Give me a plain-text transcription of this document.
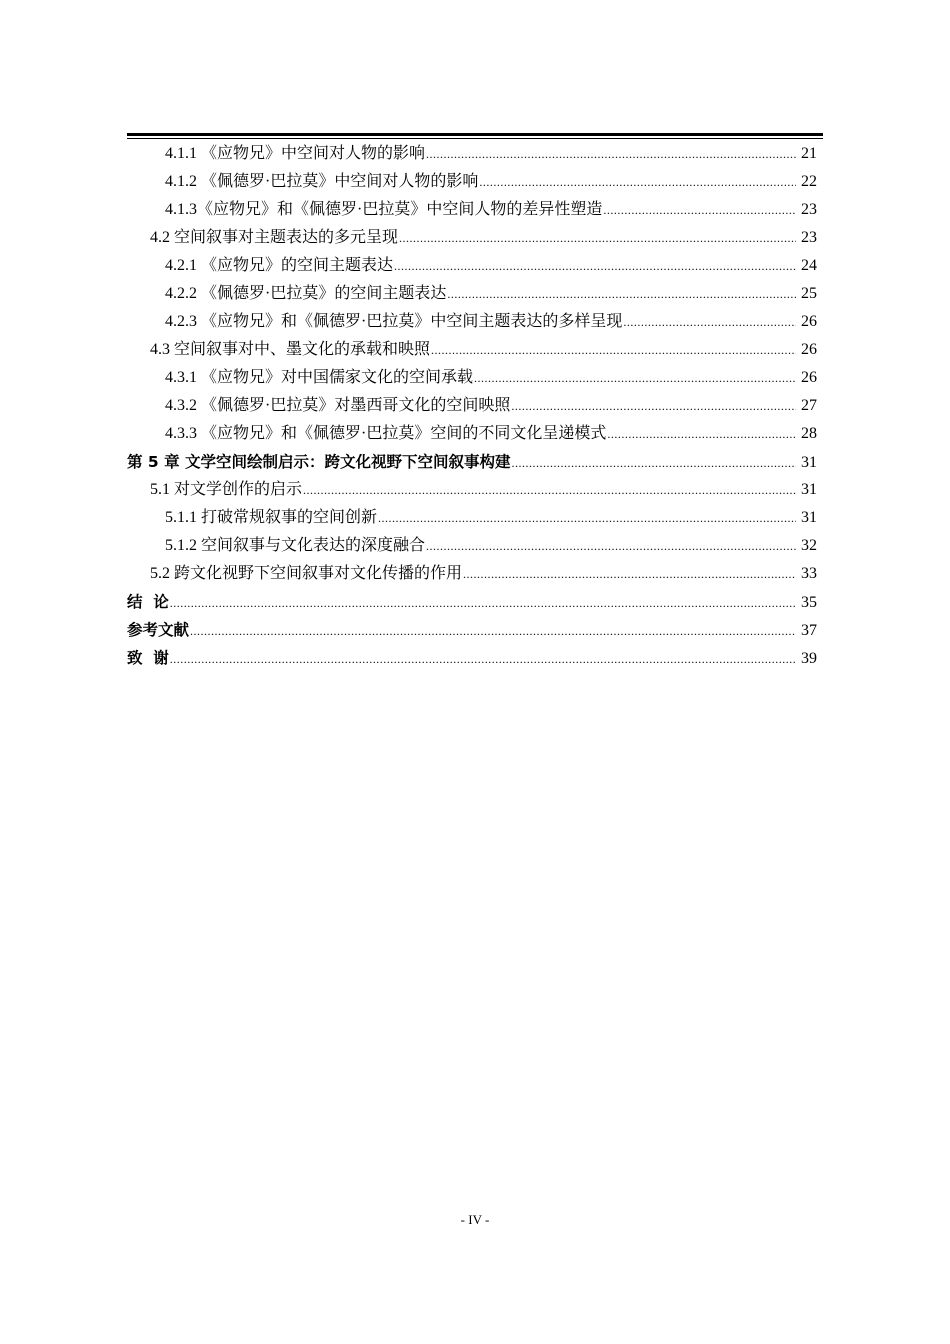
4.1.1 《应物兄》中空间对人物的影响 .....	21
4.1.2 《佩德罗·巴拉莫》中空间对人物的影响 .....	22
4.1.3《应物兄》和《佩德罗·巴拉莫》中空间人物的差异性塑造 .....	23
4.2 空间叙事对主题表达的多元呈现 .....	23
4.2.1 《应物兄》的空间主题表达 .....	24
4.2.2 《佩德罗·巴拉莫》的空间主题表达 .....	25
4.2.3 《应物兄》和《佩德罗·巴拉莫》中空间主题表达的多样呈现 .....	26
4.3 空间叙事对中、墨文化的承载和映照 .....	26
4.3.1 《应物兄》对中国儒家文化的空间承载 .....	26
4.3.2 《佩德罗·巴拉莫》对墨西哥文化的空间映照 .....	27
4.3.3 《应物兄》和《佩德罗·巴拉莫》空间的不同文化呈递模式 .....	28
第 5 章 文学空间绘制启示：跨文化视野下空间叙事构建 .....	31
5.1 对文学创作的启示 .....	31
5.1.1 打破常规叙事的空间创新 .....	31
5.1.2 空间叙事与文化表达的深度融合 .....	32
5.2 跨文化视野下空间叙事对文化传播的作用 .....	33
结  论 .....	35
参考文献 .....	37
致  谢 .....	39
- IV -
